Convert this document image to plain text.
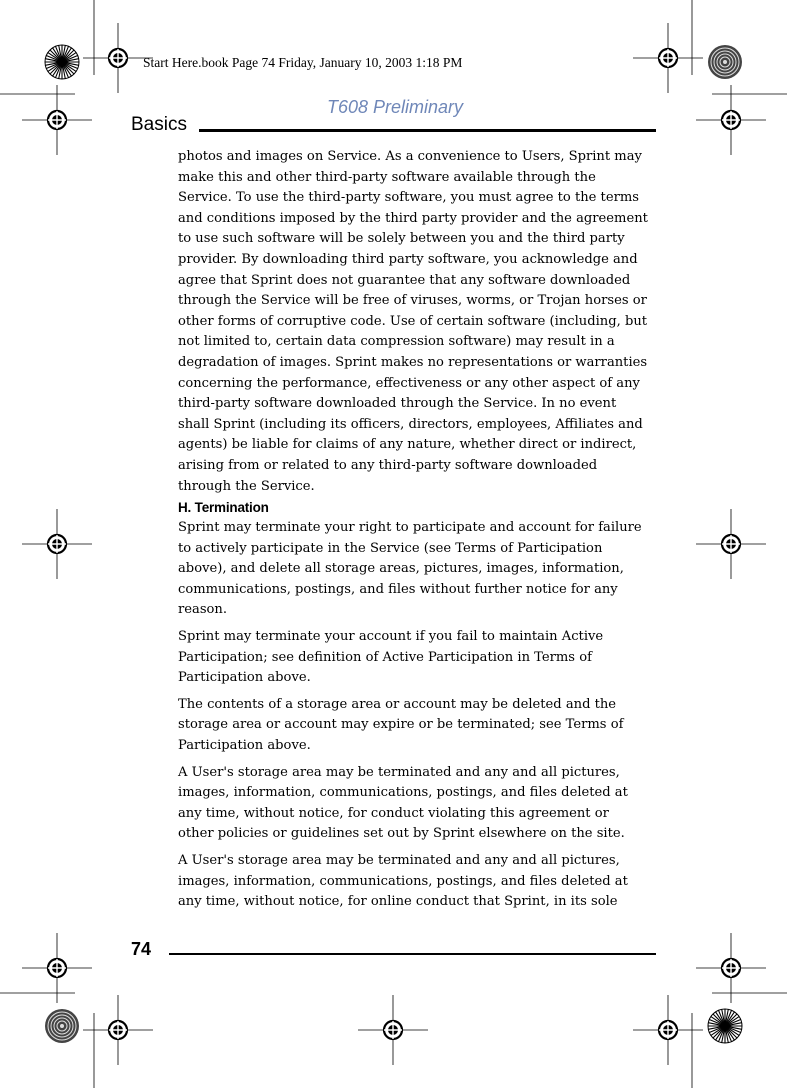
Start Here.book Page 74 Friday, January 10, 2003 1:18 PM
T608 Preliminary
Basics

photos and images on Service. As a convenience to Users, Sprint may make this and other third-party software available through the Service. To use the third-party software, you must agree to the terms and conditions imposed by the third party provider and the agreement to use such software will be solely between you and the third party provider. By downloading third party software, you acknowledge and agree that Sprint does not guarantee that any software downloaded through the Service will be free of viruses, worms, or Trojan horses or other forms of corruptive code. Use of certain software (including, but not limited to, certain data compression software) may result in a degradation of images. Sprint makes no representations or warranties concerning the performance, effectiveness or any other aspect of any third-party software downloaded through the Service. In no event shall Sprint (including its officers, directors, employees, Affiliates and agents) be liable for claims of any nature, whether direct or indirect, arising from or related to any third-party software downloaded through the Service.

H. Termination

Sprint may terminate your right to participate and account for failure to actively participate in the Service (see Terms of Participation above), and delete all storage areas, pictures, images, information, communications, postings, and files without further notice for any reason.

Sprint may terminate your account if you fail to maintain Active Participation; see definition of Active Participation in Terms of Participation above.

The contents of a storage area or account may be deleted and the storage area or account may expire or be terminated; see Terms of Participation above.

A User's storage area may be terminated and any and all pictures, images, information, communications, postings, and files deleted at any time, without notice, for conduct violating this agreement or other policies or guidelines set out by Sprint elsewhere on the site.

A User's storage area may be terminated and any and all pictures, images, information, communications, postings, and files deleted at any time, without notice, for online conduct that Sprint, in its sole

74
